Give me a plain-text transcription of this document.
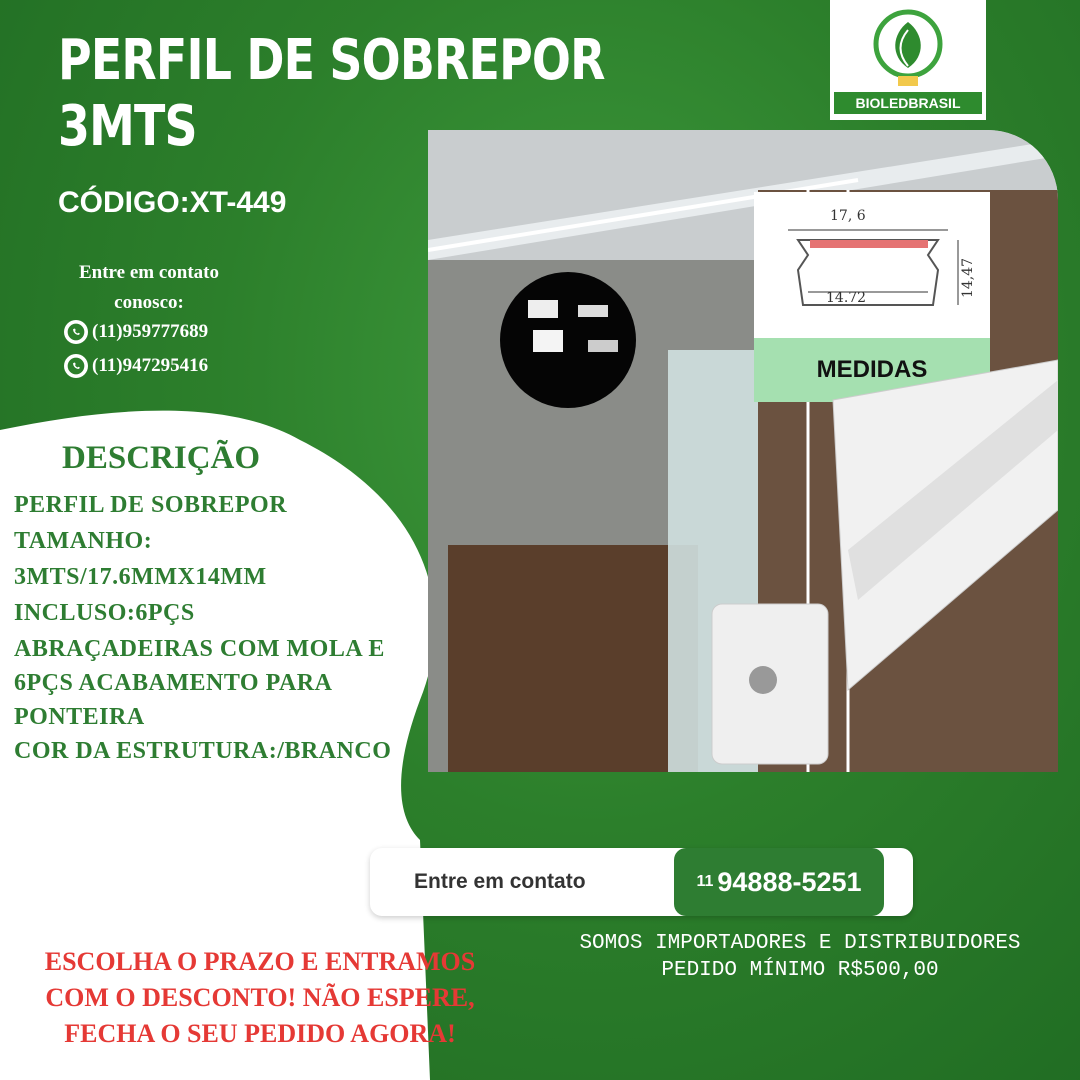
PERFIL DE SOBREPOR
3MTS
CÓDIGO:XT-449
Entre em contato
conosco:
(11)959777689
(11)947295416
BIOLEDBRASIL
17, 6
14.72	14,47
MEDIDAS
DESCRIÇÃO
PERFIL DE SOBREPOR
TAMANHO:
3MTS/17.6MMX14MM
INCLUSO:6PÇS
ABRAÇADEIRAS COM MOLA E
6PÇS ACABAMENTO PARA
PONTEIRA
COR DA ESTRUTURA:/BRANCO
Entre em contato	11 94888-5251
SOMOS IMPORTADORES E DISTRIBUIDORES
PEDIDO MÍNIMO R$500,00
ESCOLHA O PRAZO E ENTRAMOS
COM O DESCONTO! NÃO ESPERE,
FECHA O SEU PEDIDO AGORA!
